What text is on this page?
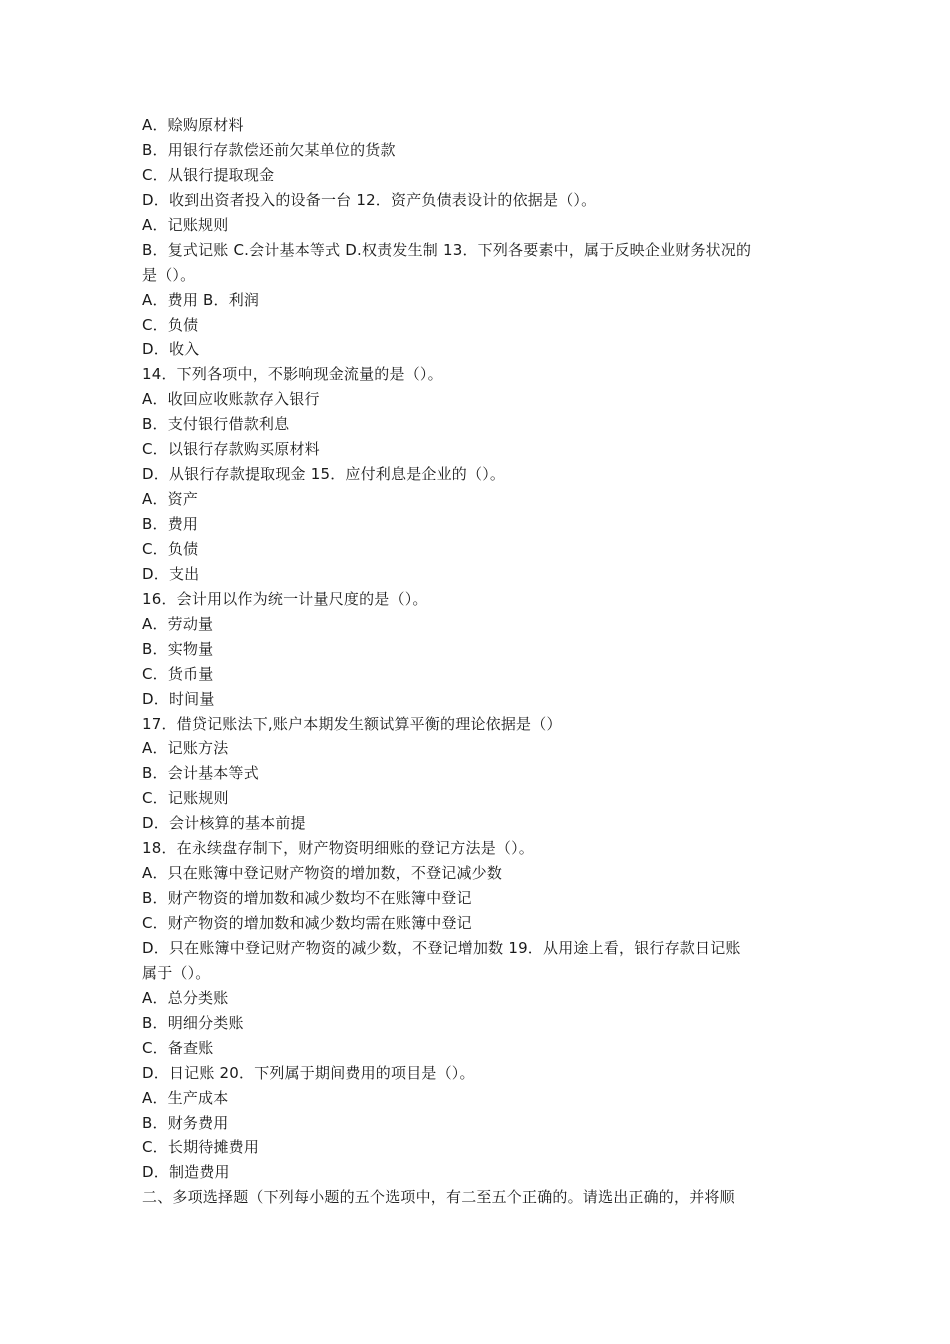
A．赊购原材料
B．用银行存款偿还前欠某单位的货款
C．从银行提取现金
D．收到出资者投入的设备一台 12．资产负债表设计的依据是（）。
A．记账规则
B．复式记账 C.会计基本等式 D.权责发生制 13．下列各要素中，属于反映企业财务状况的
是（）。
A．费用 B．利润
C．负债
D．收入
14．下列各项中，不影响现金流量的是（）。
A．收回应收账款存入银行
B．支付银行借款利息
C．以银行存款购买原材料
D．从银行存款提取现金 15．应付利息是企业的（）。
A．资产
B．费用
C．负债
D．支出
16．会计用以作为统一计量尺度的是（）。
A．劳动量
B．实物量
C．货币量
D．时间量
17．借贷记账法下,账户本期发生额试算平衡的理论依据是（）
A．记账方法
B．会计基本等式
C．记账规则
D．会计核算的基本前提
18．在永续盘存制下，财产物资明细账的登记方法是（）。
A．只在账簿中登记财产物资的增加数，不登记减少数
B．财产物资的增加数和减少数均不在账簿中登记
C．财产物资的增加数和减少数均需在账簿中登记
D．只在账簿中登记财产物资的减少数，不登记增加数 19．从用途上看，银行存款日记账
属于（）。
A．总分类账
B．明细分类账
C．备查账
D．日记账 20．下列属于期间费用的项目是（）。
A．生产成本
B．财务费用
C．长期待摊费用
D．制造费用
二、多项选择题（下列每小题的五个选项中，有二至五个正确的。请选出正确的，并将顺
